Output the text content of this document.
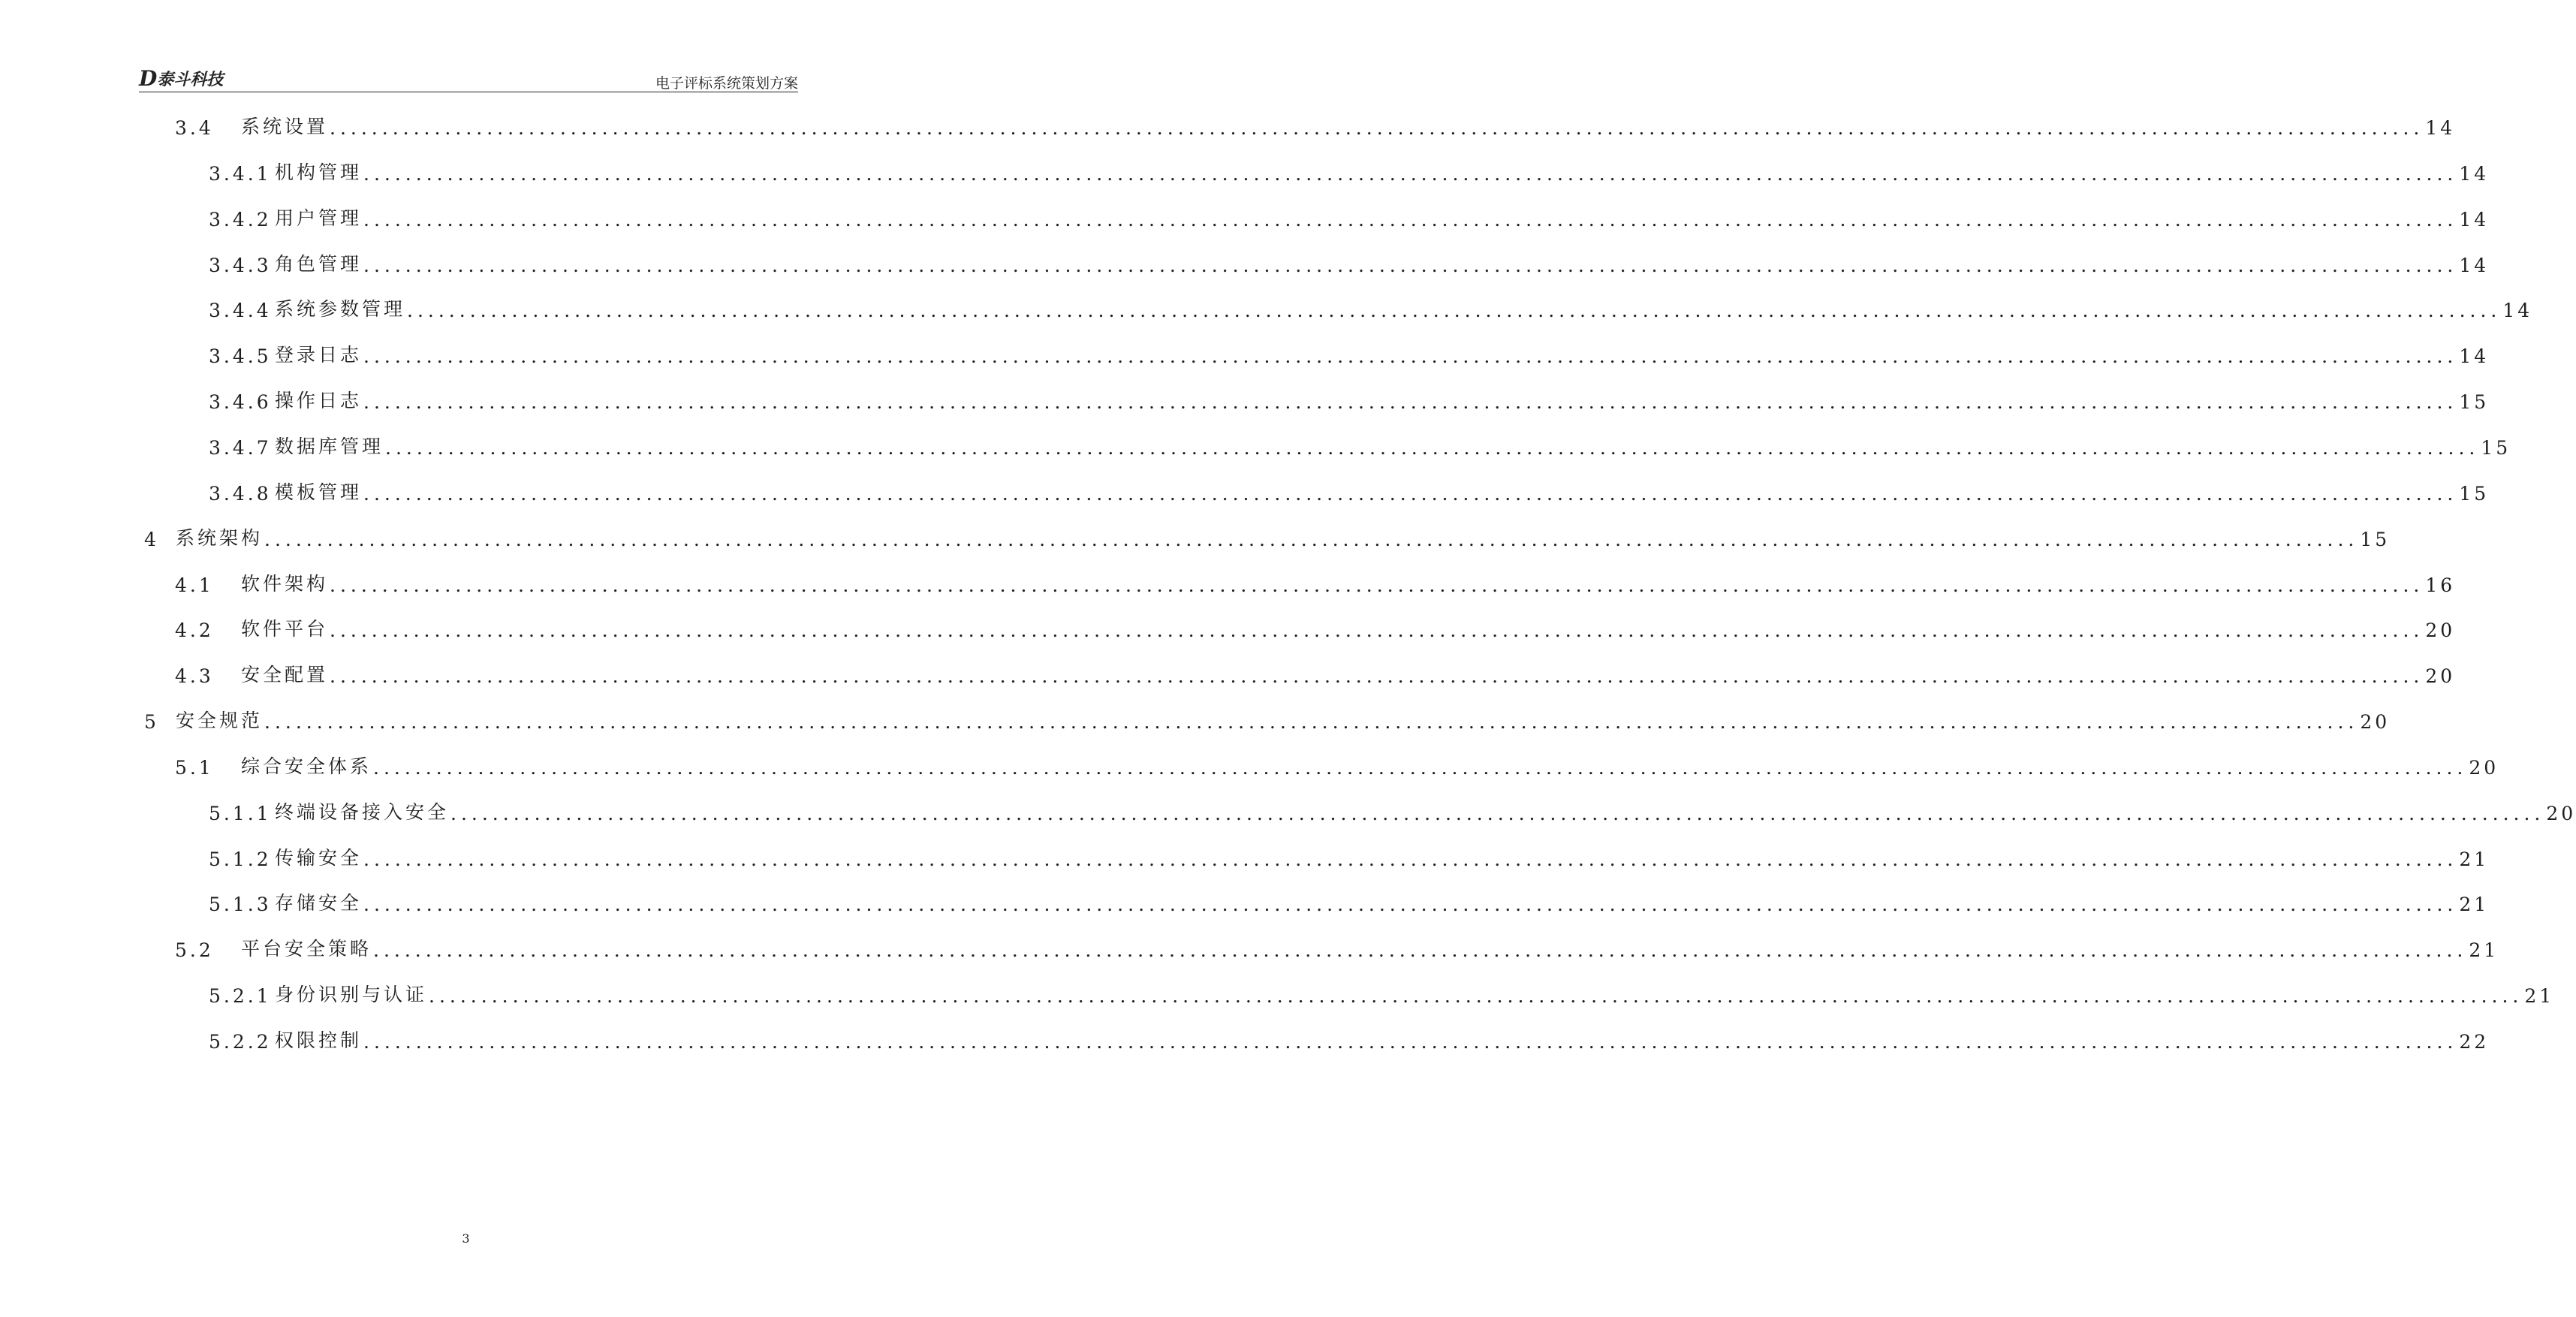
D 泰斗科技	电子评标系统策划方案
3.4	系统设置 ........................................................................................................................................................................................................ 14
3.4.1 机构管理 ........................................................................................................................................................................................................ 14
3.4.2 用户管理 ........................................................................................................................................................................................................ 14
3.4.3 角色管理 ........................................................................................................................................................................................................ 14
3.4.4 系统参数管理 ........................................................................................................................................................................................................ 14
3.4.5 登录日志 ........................................................................................................................................................................................................ 14
3.4.6 操作日志 ........................................................................................................................................................................................................ 15
3.4.7 数据库管理 ........................................................................................................................................................................................................ 15
3.4.8 模板管理 ........................................................................................................................................................................................................ 15
4 系统架构 ........................................................................................................................................................................................................ 15
4.1	软件架构 ........................................................................................................................................................................................................ 16
4.2	软件平台 ........................................................................................................................................................................................................ 20
4.3	安全配置 ........................................................................................................................................................................................................ 20
5 安全规范 ........................................................................................................................................................................................................ 20
5.1	综合安全体系 ........................................................................................................................................................................................................ 20
5.1.1 终端设备接入安全 ........................................................................................................................................................................................................ 20
5.1.2 传输安全 ........................................................................................................................................................................................................ 21
5.1.3 存储安全 ........................................................................................................................................................................................................ 21
5.2	平台安全策略 ........................................................................................................................................................................................................ 21
5.2.1 身份识别与认证 ........................................................................................................................................................................................................ 21
5.2.2 权限控制 ........................................................................................................................................................................................................ 22
3
